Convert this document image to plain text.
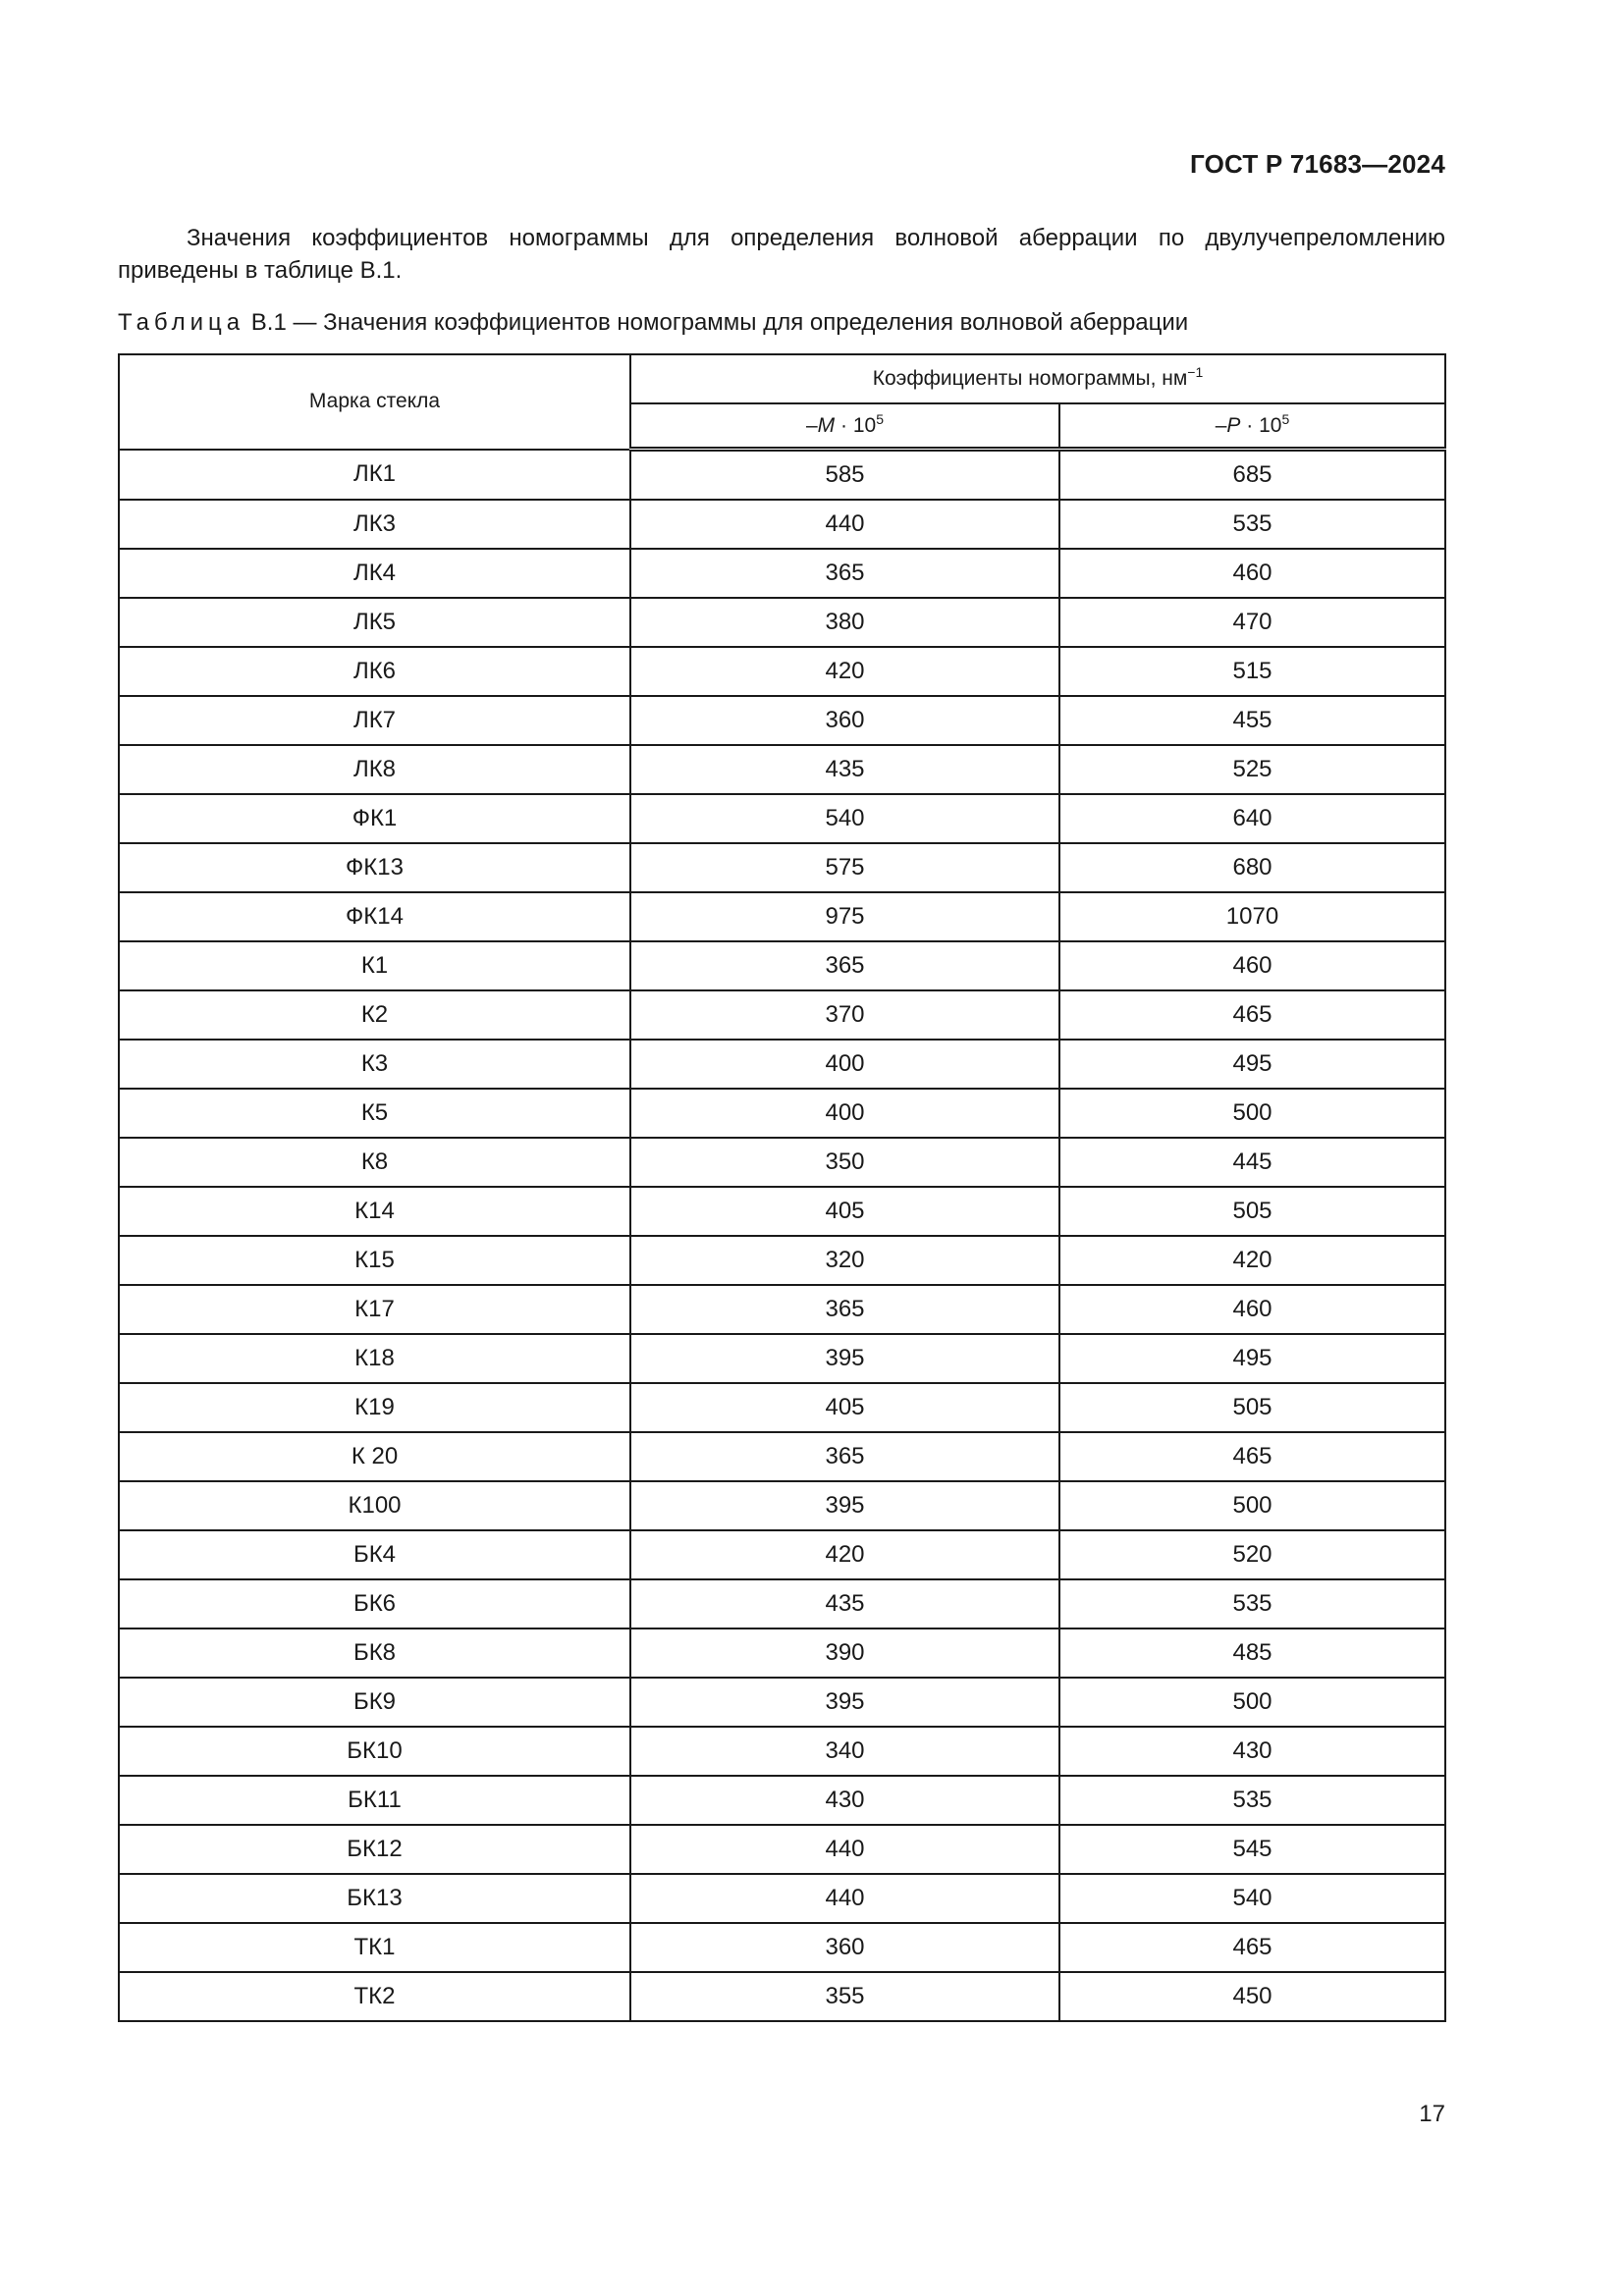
ГОСТ Р 71683—2024

Значения коэффициентов номограммы для определения волновой аберрации по двулучепреломлению приведены в таблице В.1.

Таблица В.1 — Значения коэффициентов номограммы для определения волновой аберрации

Марка стекла	Коэффициенты номограммы, $нм^{-1}$
	$-M \cdot 10^5$	$-P \cdot 10^5$
ЛК1	585	685
ЛК3	440	535
ЛК4	365	460
ЛК5	380	470
ЛК6	420	515
ЛК7	360	455
ЛК8	435	525
ФК1	540	640
ФК13	575	680
ФК14	975	1070
К1	365	460
К2	370	465
К3	400	495
К5	400	500
К8	350	445
К14	405	505
К15	320	420
К17	365	460
К18	395	495
К19	405	505
К 20	365	465
К100	395	500
БК4	420	520
БК6	435	535
БК8	390	485
БК9	395	500
БК10	340	430
БК11	430	535
БК12	440	545
БК13	440	540
ТК1	360	465
ТК2	355	450
17
